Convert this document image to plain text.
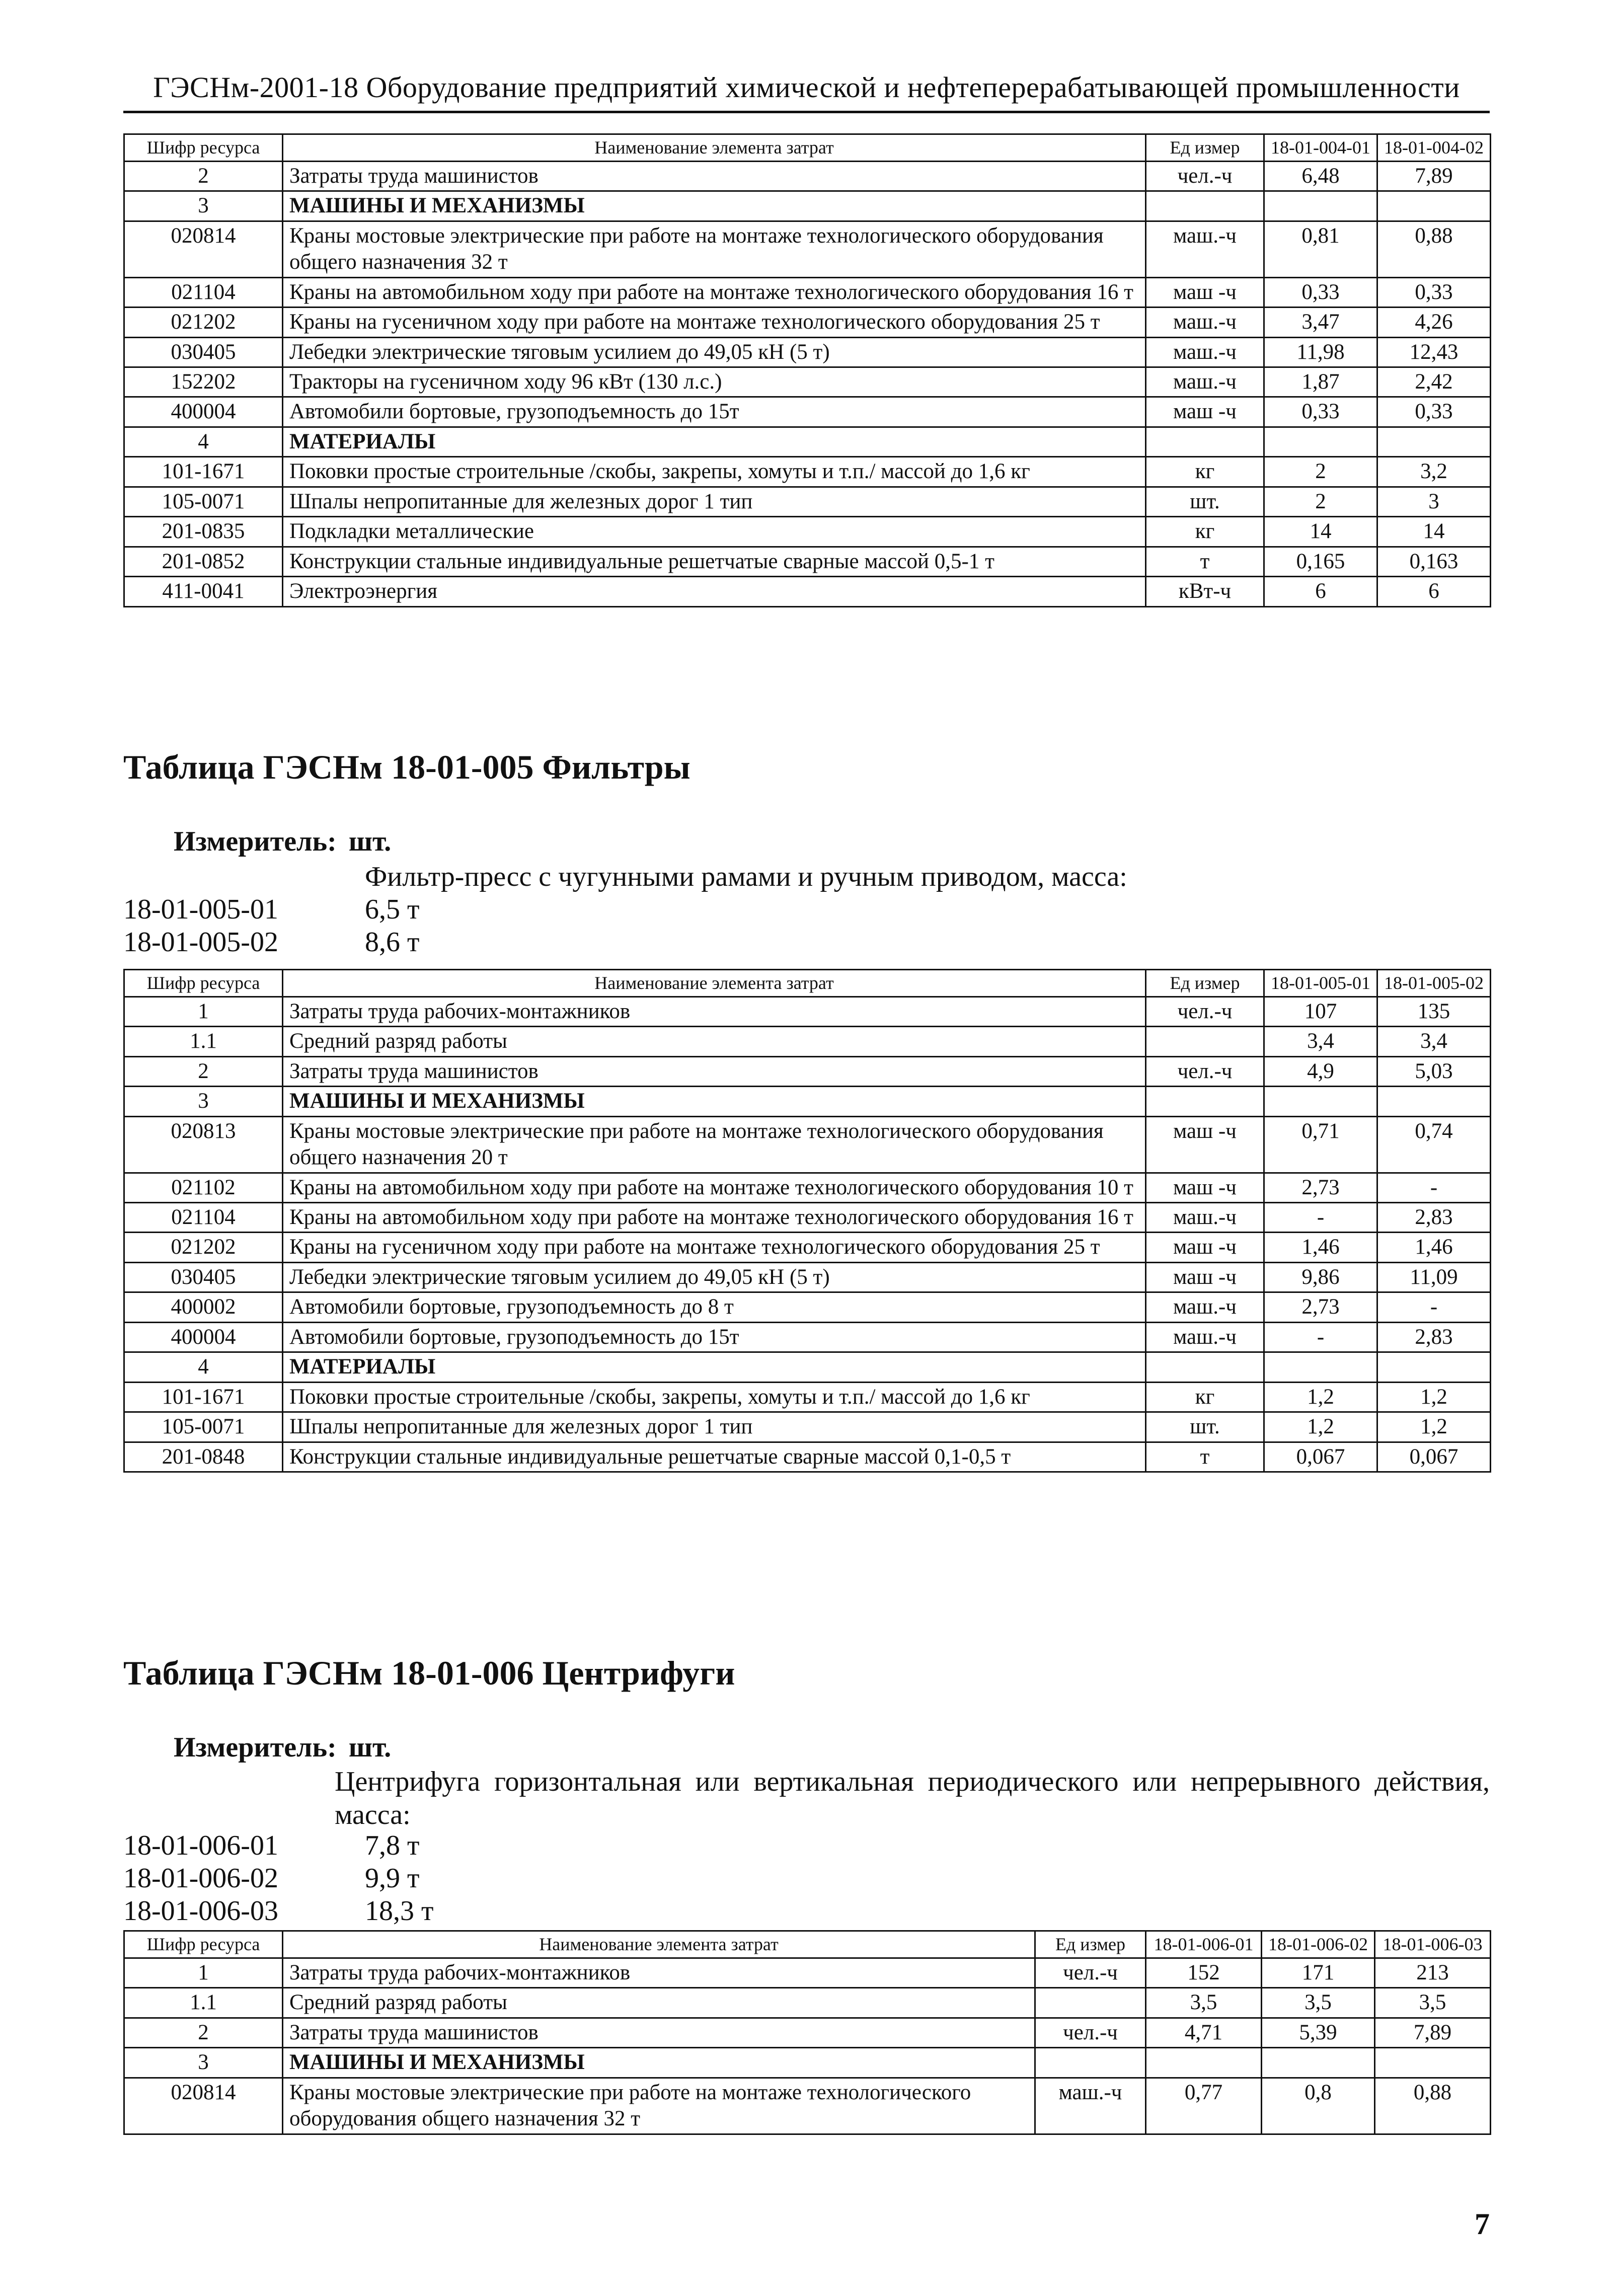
ГЭСНм-2001-18 Оборудование предприятий химической и нефтеперерабатывающей промышленности
Шифр ресурса	Наименование элемента затрат	Ед измер	18-01-004-01	18-01-004-02
2	Затраты труда машинистов	чел.-ч	6,48	7,89
3	МАШИНЫ И МЕХАНИЗМЫ			
020814	Краны мостовые электрические при работе на монтаже технологического оборудования общего назначения 32 т	маш.-ч	0,81	0,88
021104	Краны на автомобильном ходу при работе на монтаже технологического оборудования 16 т	маш -ч	0,33	0,33
021202	Краны на гусеничном ходу при работе на монтаже технологического оборудования 25 т	маш.-ч	3,47	4,26
030405	Лебедки электрические тяговым усилием до 49,05 кН (5 т)	маш.-ч	11,98	12,43
152202	Тракторы на гусеничном ходу 96 кВт (130 л.с.)	маш.-ч	1,87	2,42
400004	Автомобили бортовые, грузоподъемность до 15т	маш -ч	0,33	0,33
4	МАТЕРИАЛЫ			
101-1671	Поковки простые строительные /скобы, закрепы, хомуты и т.п./ массой до 1,6 кг	кг	2	3,2
105-0071	Шпалы непропитанные для железных дорог 1 тип	шт.	2	3
201-0835	Подкладки металлические	кг	14	14
201-0852	Конструкции стальные индивидуальные решетчатые сварные массой 0,5-1 т	т	0,165	0,163
411-0041	Электроэнергия	кВт-ч	6	6
Таблица ГЭСНм 18-01-005 Фильтры
Измеритель: шт.
Фильтр-пресс с чугунными рамами и ручным приводом, масса:
18-01-005-01	6,5 т
18-01-005-02	8,6 т
Шифр ресурса	Наименование элемента затрат	Ед измер	18-01-005-01	18-01-005-02
1	Затраты труда рабочих-монтажников	чел.-ч	107	135
1.1	Средний разряд работы		3,4	3,4
2	Затраты труда машинистов	чел.-ч	4,9	5,03
3	МАШИНЫ И МЕХАНИЗМЫ			
020813	Краны мостовые электрические при работе на монтаже технологического оборудования общего назначения 20 т	маш -ч	0,71	0,74
021102	Краны на автомобильном ходу при работе на монтаже технологического оборудования 10 т	маш -ч	2,73	-
021104	Краны на автомобильном ходу при работе на монтаже технологического оборудования 16 т	маш.-ч	-	2,83
021202	Краны на гусеничном ходу при работе на монтаже технологического оборудования 25 т	маш -ч	1,46	1,46
030405	Лебедки электрические тяговым усилием до 49,05 кН (5 т)	маш -ч	9,86	11,09
400002	Автомобили бортовые, грузоподъемность до 8 т	маш.-ч	2,73	-
400004	Автомобили бортовые, грузоподъемность до 15т	маш.-ч	-	2,83
4	МАТЕРИАЛЫ			
101-1671	Поковки простые строительные /скобы, закрепы, хомуты и т.п./ массой до 1,6 кг	кг	1,2	1,2
105-0071	Шпалы непропитанные для железных дорог 1 тип	шт.	1,2	1,2
201-0848	Конструкции стальные индивидуальные решетчатые сварные массой 0,1-0,5 т	т	0,067	0,067
Таблица ГЭСНм 18-01-006 Центрифуги
Измеритель: шт.
Центрифуга горизонтальная или вертикальная периодического или непрерывного действия, масса:
18-01-006-01	7,8 т
18-01-006-02	9,9 т
18-01-006-03	18,3 т
Шифр ресурса	Наименование элемента затрат	Ед измер	18-01-006-01	18-01-006-02	18-01-006-03
1	Затраты труда рабочих-монтажников	чел.-ч	152	171	213
1.1	Средний разряд работы		3,5	3,5	3,5
2	Затраты труда машинистов	чел.-ч	4,71	5,39	7,89
3	МАШИНЫ И МЕХАНИЗМЫ				
020814	Краны мостовые электрические при работе на монтаже технологического оборудования общего назначения 32 т	маш.-ч	0,77	0,8	0,88
7
